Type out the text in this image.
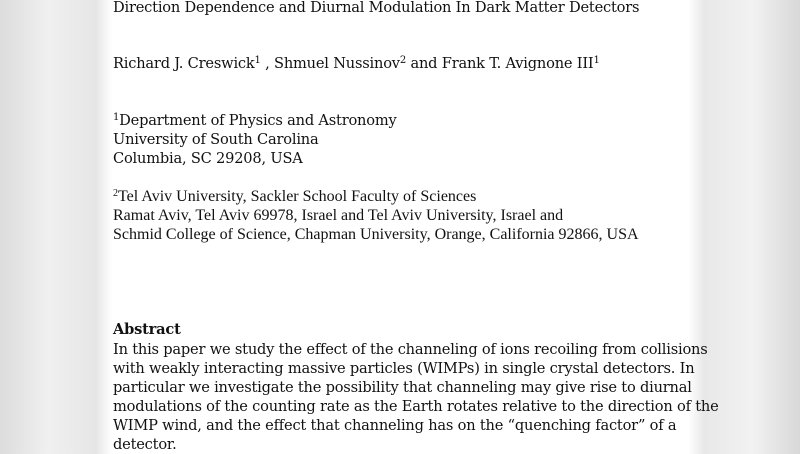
Direction Dependence and Diurnal Modulation In Dark Matter Detectors
Richard J. Creswick$^1$ , Shmuel Nussinov$^2$ and Frank T. Avignone III$^1$
$^1$Department of Physics and Astronomy
University of South Carolina
Columbia, SC 29208, USA
$^2$Tel Aviv University, Sackler School Faculty of Sciences
Ramat Aviv, Tel Aviv 69978, Israel and Tel Aviv University, Israel and
Schmid College of Science, Chapman University, Orange, California 92866, USA
Abstract
In this paper we study the effect of the channeling of ions recoiling from collisions
with weakly interacting massive particles (WIMPs) in single crystal detectors. In
particular we investigate the possibility that channeling may give rise to diurnal
modulations of the counting rate as the Earth rotates relative to the direction of the
WIMP wind, and the effect that channeling has on the “quenching factor” of a
detector.
